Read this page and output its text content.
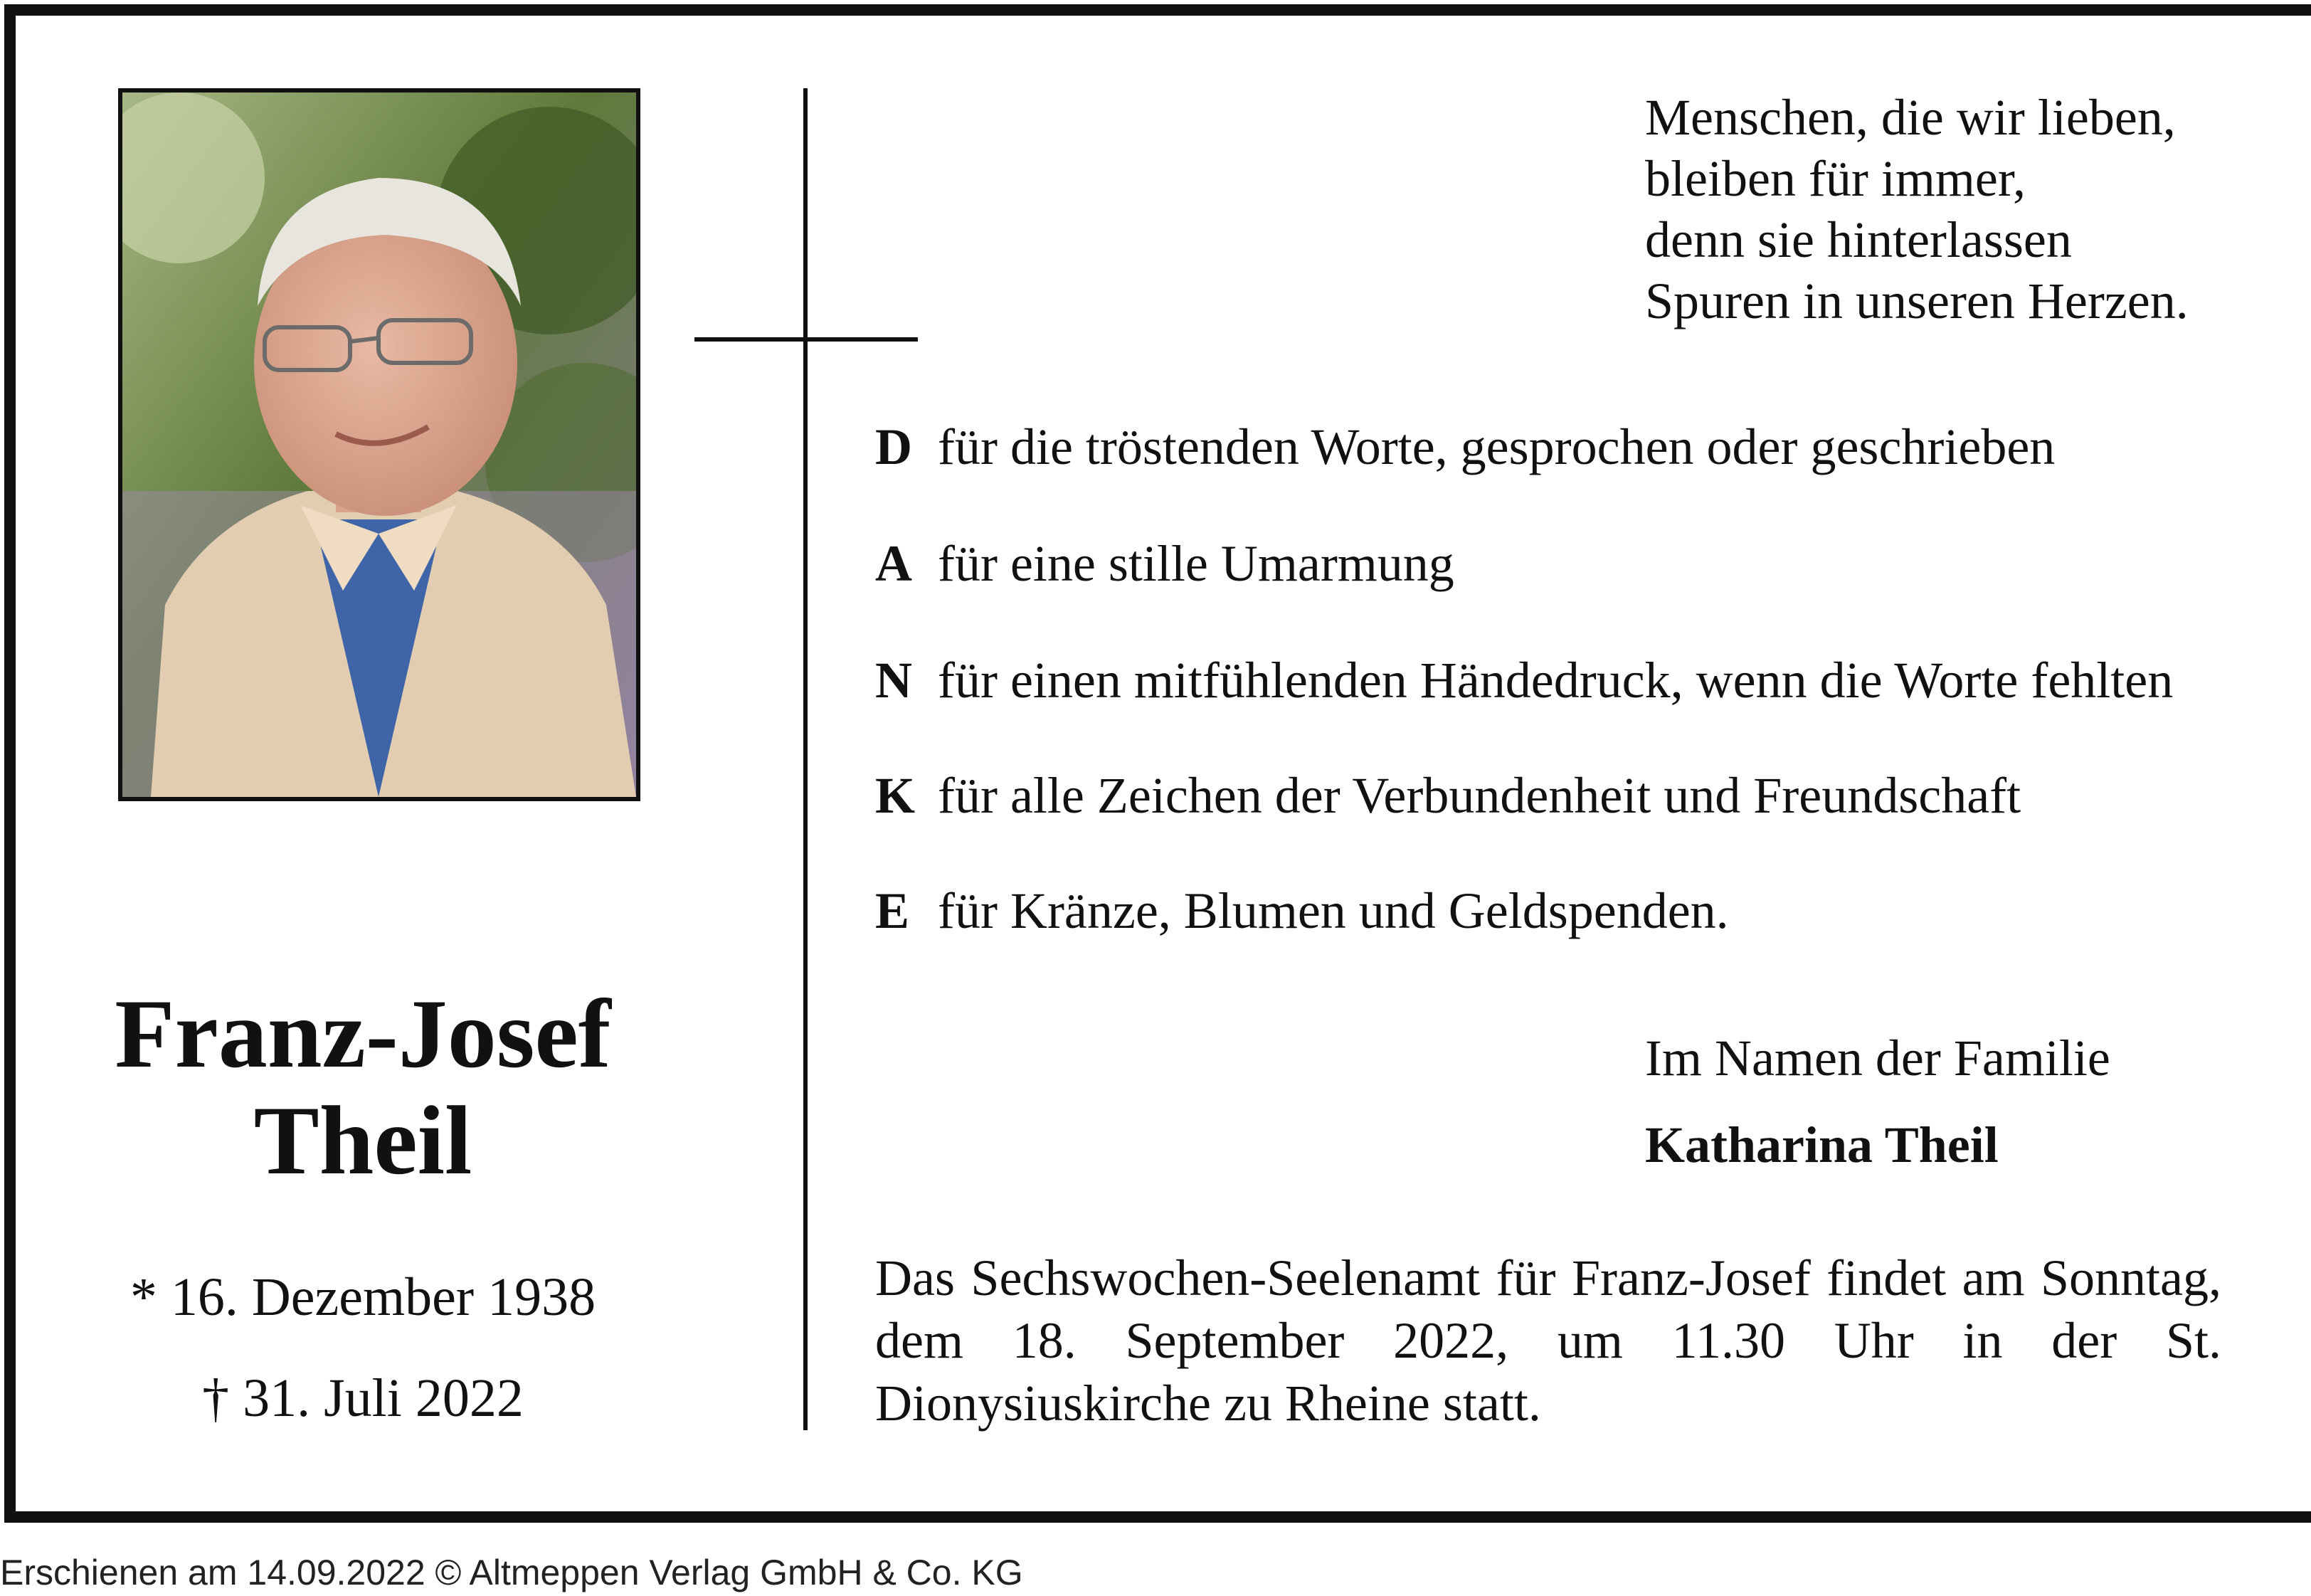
Franz-Josef
Theil
* 16. Dezember 1938
† 31. Juli 2022
Menschen, die wir lieben,
bleiben für immer,
denn sie hinterlassen
Spuren in unseren Herzen.
D für die tröstenden Worte, gesprochen oder geschrieben
A für eine stille Umarmung
N für einen mitfühlenden Händedruck, wenn die Worte fehlten
K für alle Zeichen der Verbundenheit und Freundschaft
E für Kränze, Blumen und Geldspenden.
Im Namen der Familie
Katharina Theil
Das Sechswochen-Seelenamt für Franz-Josef findet am Sonntag, dem 18. September 2022, um 11.30 Uhr in der St. Dionysiuskirche zu Rheine statt.
Erschienen am 14.09.2022 © Altmeppen Verlag GmbH & Co. KG
